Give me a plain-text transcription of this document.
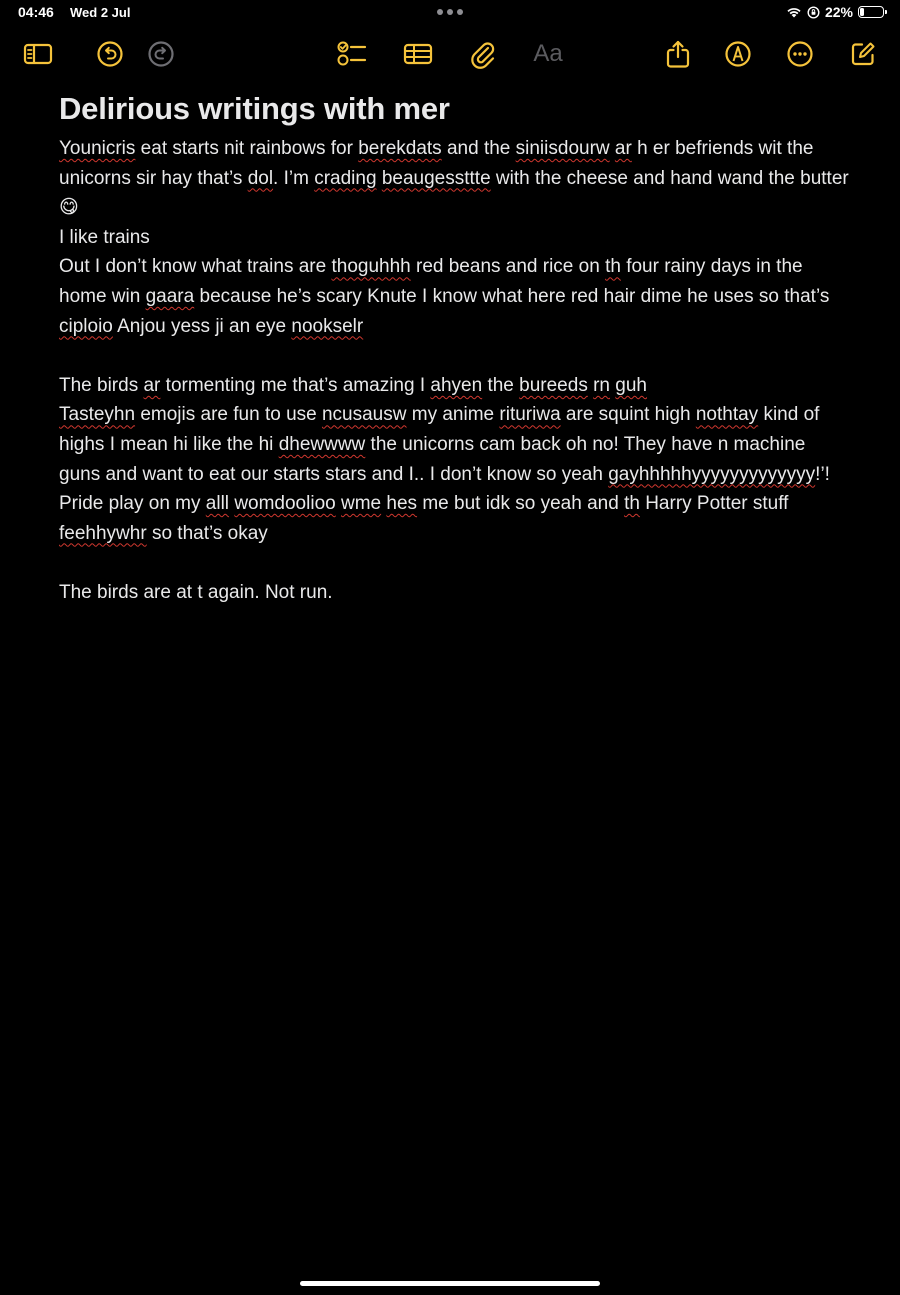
04:46 Wed 2 Jul	22%
Aa
Delirious writings with mer

Younicris eat starts nit rainbows for berekdats and the siniisdourw ar h er befriends wit the unicorns sir hay that’s dol. I’m crading beaugessttte with the cheese and hand wand the butter 😋

I like trains

Out I don’t know what trains are thoguhhh red beans and rice on th four rainy days in the home win gaara because he’s scary Knute I know what here red hair dime he uses so that’s ciploio Anjou yess ji an eye nookselr

The birds ar tormenting me that’s amazing I ahyen the bureeds rn guh

Tasteyhn emojis are fun to use ncusausw my anime rituriwa are squint high nothtay kind of highs I mean hi like the hi dhewwww the unicorns cam back oh no! They have n machine guns and want to eat our starts stars and I.. I don’t know so yeah gayhhhhhyyyyyyyyyyyyy!’! Pride play on my alll womdoolioo wme hes me but idk so yeah and th Harry Potter stuff feehhywhr so that’s okay

The birds are at t again. Not run.
